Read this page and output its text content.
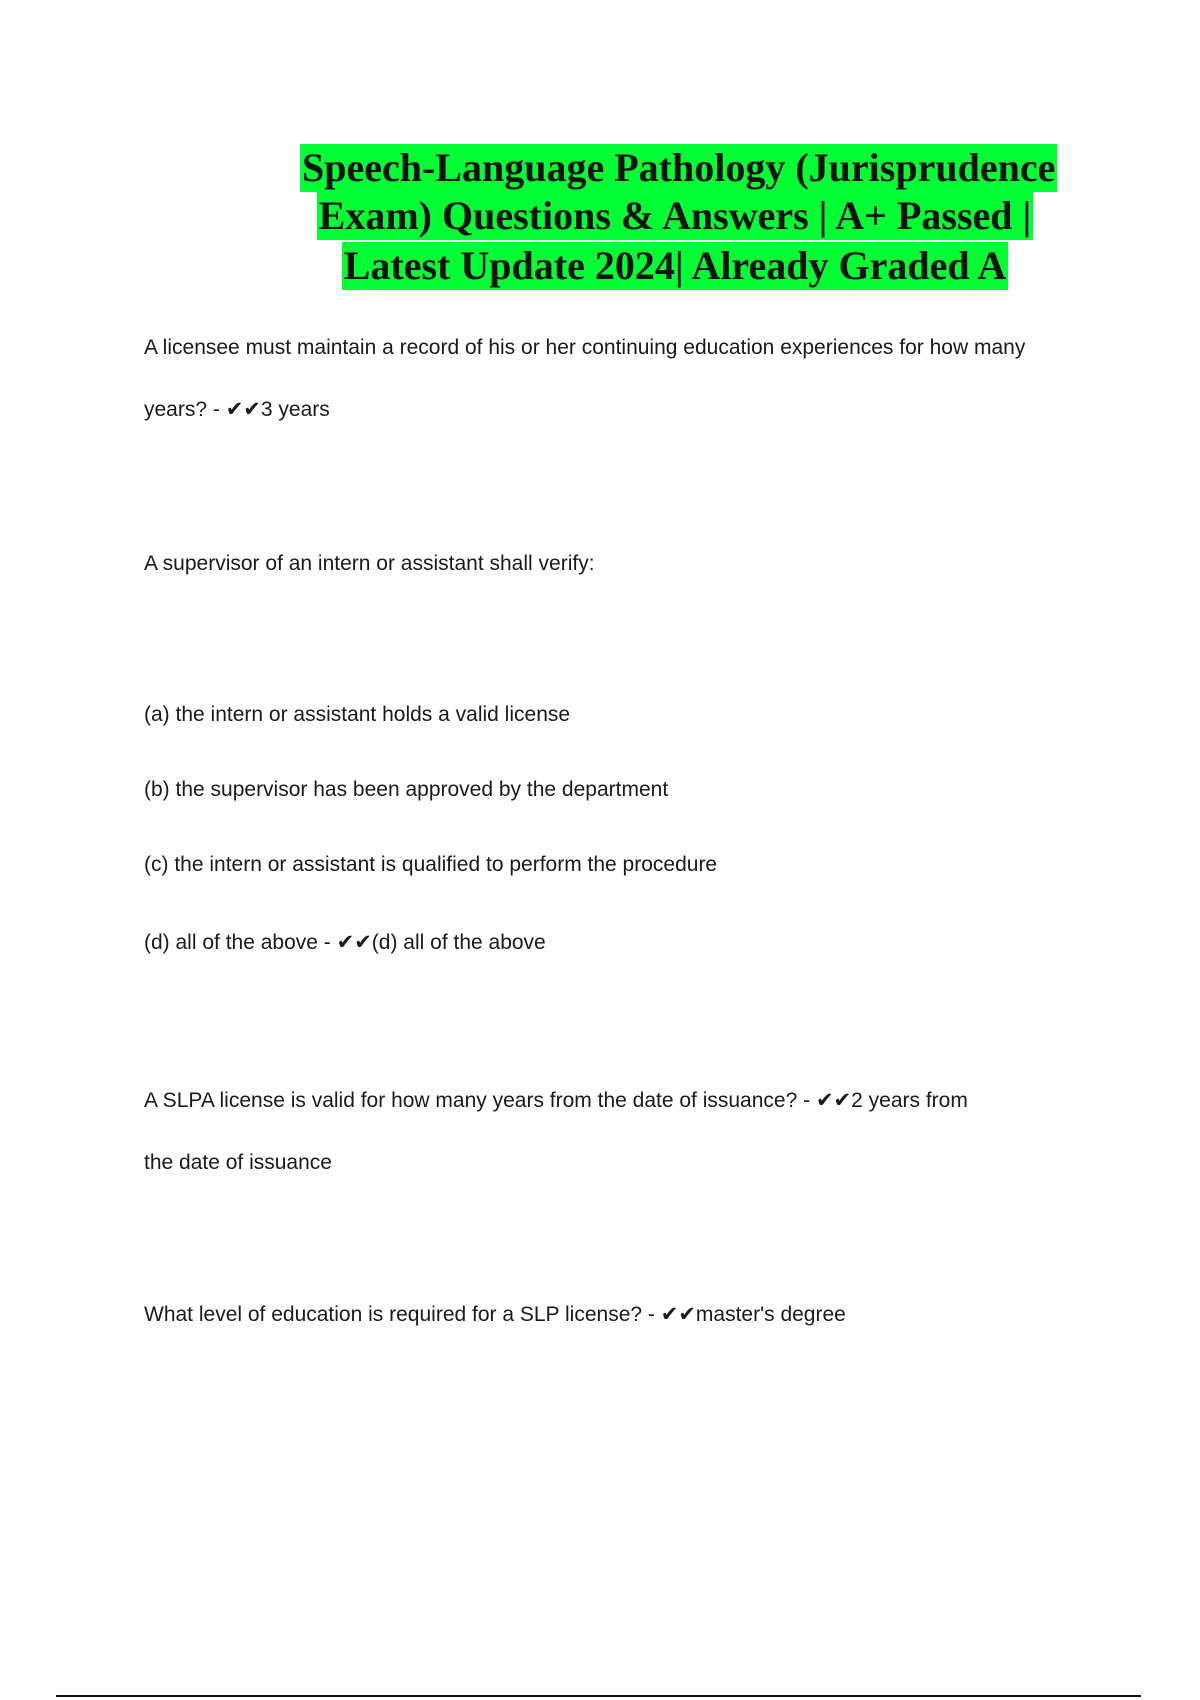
Speech-Language Pathology (Jurisprudence
Exam) Questions & Answers | A+ Passed |
Latest Update 2024| Already Graded A
A licensee must maintain a record of his or her continuing education experiences for how many
years? - ✔✔3 years
A supervisor of an intern or assistant shall verify:
(a) the intern or assistant holds a valid license
(b) the supervisor has been approved by the department
(c) the intern or assistant is qualified to perform the procedure
(d) all of the above - ✔✔(d) all of the above
A SLPA license is valid for how many years from the date of issuance? - ✔✔2 years from
the date of issuance
What level of education is required for a SLP license? - ✔✔master's degree
